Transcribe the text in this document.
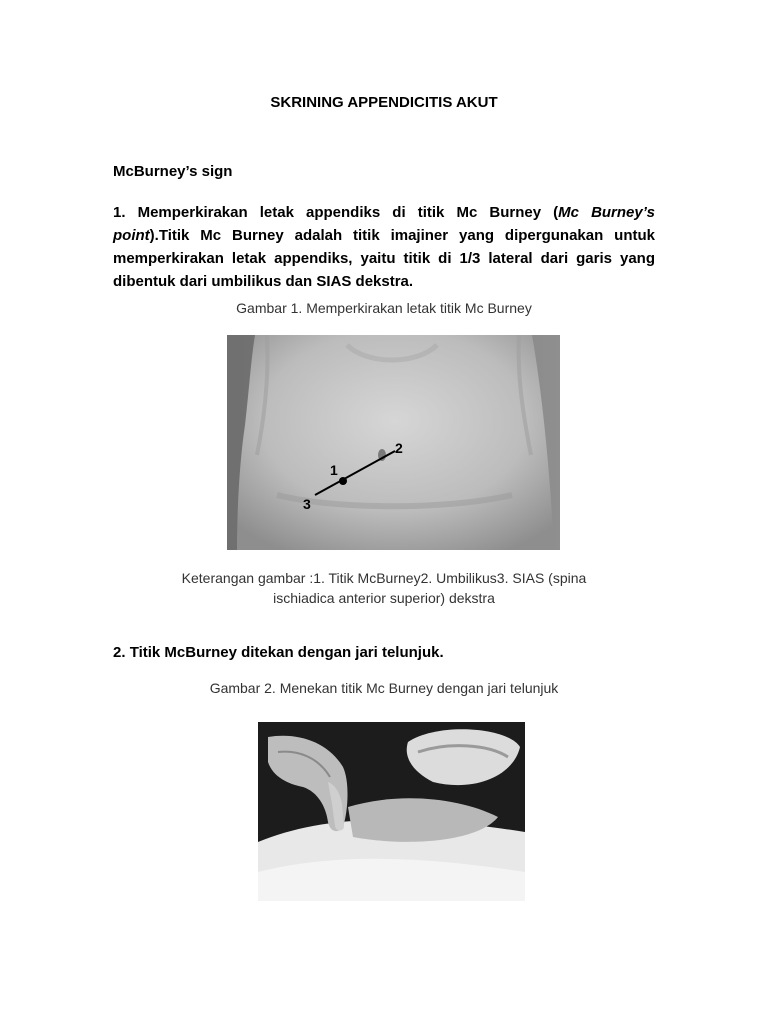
SKRINING APPENDICITIS AKUT
McBurney’s sign
1. Memperkirakan letak appendiks di titik Mc Burney (Mc Burney’s point).Titik Mc Burney adalah titik imajiner yang dipergunakan untuk memperkirakan letak appendiks, yaitu titik di 1/3 lateral dari garis yang dibentuk dari umbilikus dan SIAS dekstra.
Gambar 1. Memperkirakan letak titik Mc Burney
1
2
3
Keterangan gambar :1. Titik McBurney2. Umbilikus3. SIAS (spina
ischiadica anterior superior) dekstra
2. Titik McBurney ditekan dengan jari telunjuk.
Gambar 2. Menekan titik Mc Burney dengan jari telunjuk
